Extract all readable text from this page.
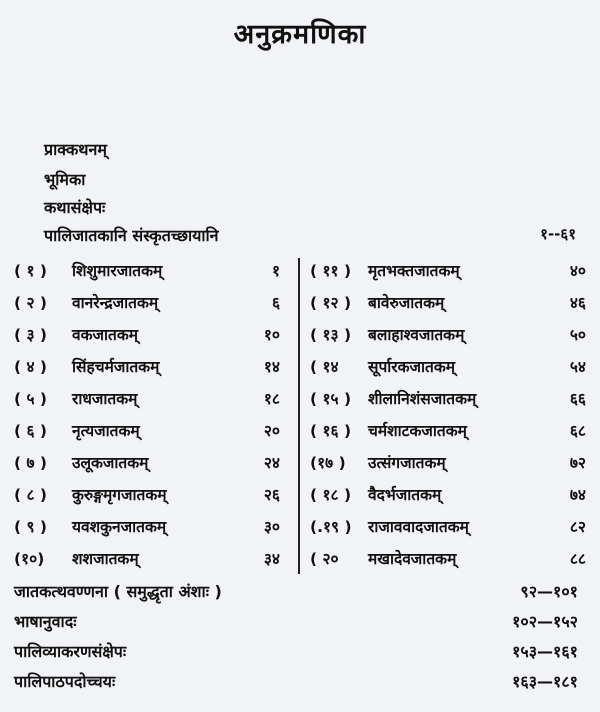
अनुक्रमणिका
प्राक्कथनम्
भूमिका
कथासंक्षेपः
पालिजातकानि संस्कृतच्छायानि	१--६१
( १ )	शिशुमारजातकम्	१
( २ )	वानरेन्द्रजातकम्	६
( ३ )	वकजातकम्	१०
( ४ )	सिंहचर्मजातकम्	१४
( ५ )	राधजातकम्	१८
( ६ )	नृत्यजातकम्	२०
( ७ )	उलूकजातकम्	२४
( ८ )	कुरुङ्गमृगजातकम्	२६
( ९ )	यवशकुनजातकम्	३०
(१०)	शशजातकम्	३४
( ११ )	मृतभक्तजातकम्	४०
( १२ )	बावेरुजातकम्	४६
( १३ )	बलाहाश्वजातकम्	५०
( १४	सूर्पारकजातकम्	५४
( १५ )	शीलानिशंसजातकम्	६६
( १६ )	चर्मशाटकजातकम्	६८
(१७ )	उत्संगजातकम्	७२
( १८ )	वैदर्भजातकम्	७४
(.१९ )	राजाववादजातकम्	८२
( २०	मखादेवजातकम्	८८
जातकत्थवण्णना ( समुद्धृता अंशाः )	९२—१०१
भाषानुवादः	१०२—१५२
पालिव्याकरणसंक्षेपः	१५३—१६१
पालिपाठपदोच्चयः	१६३—१८१
